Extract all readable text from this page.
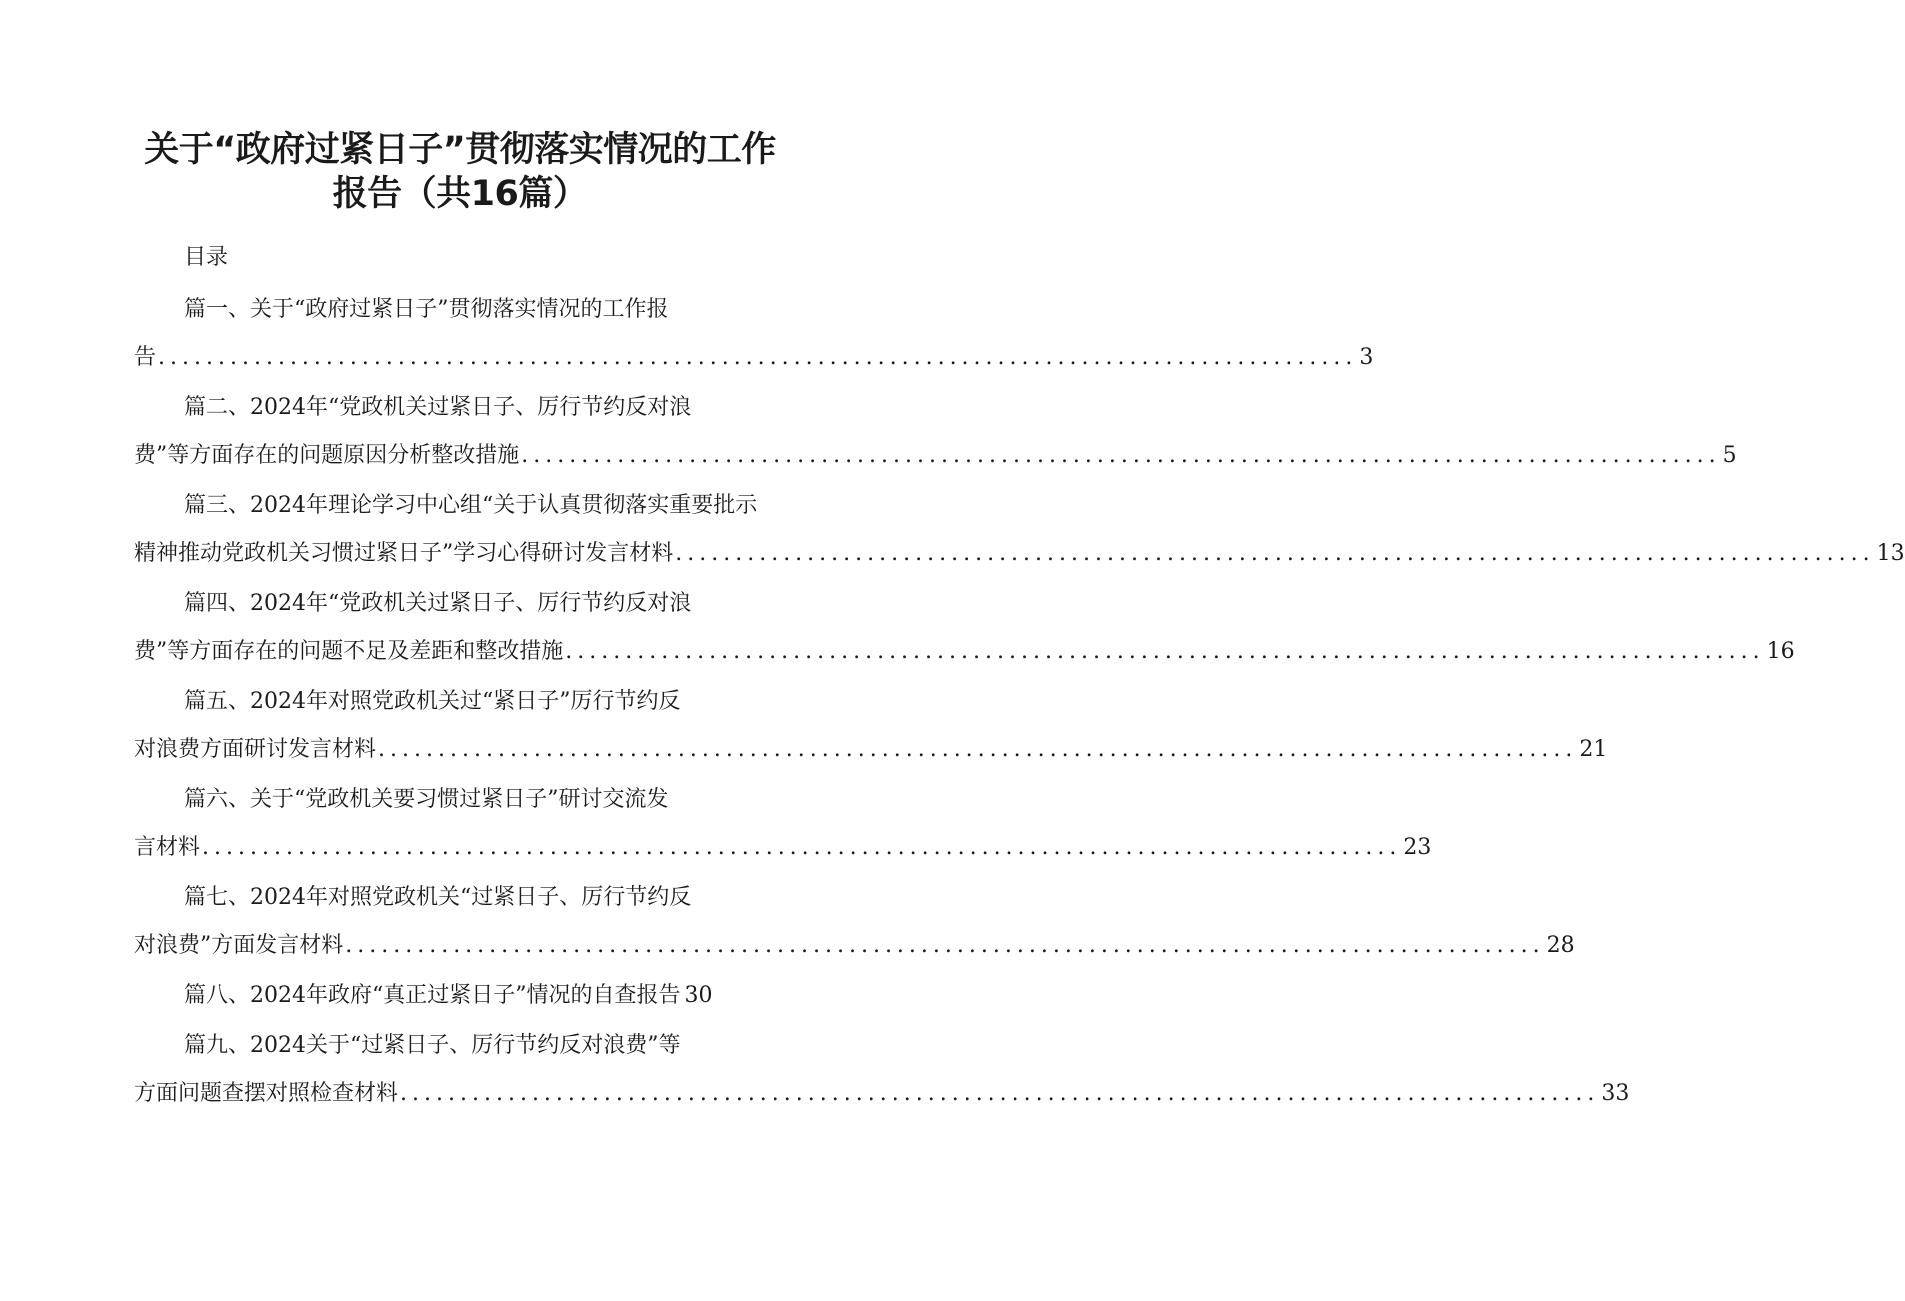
关于“政府过紧日子”贯彻落实情况的工作
报告（共16篇）
目录
篇一、关于“政府过紧日子”贯彻落实情况的工作报
告 .................................................................................................... 3
篇二、2024年“党政机关过紧日子、厉行节约反对浪
费”等方面存在的问题原因分析整改措施 .................................................................................................... 5
篇三、2024年理论学习中心组“关于认真贯彻落实重要批示
精神推动党政机关习惯过紧日子”学习心得研讨发言材料 .................................................................................................... 13
篇四、2024年“党政机关过紧日子、厉行节约反对浪
费”等方面存在的问题不足及差距和整改措施 .................................................................................................... 16
篇五、2024年对照党政机关过“紧日子”厉行节约反
对浪费方面研讨发言材料 .................................................................................................... 21
篇六、关于“党政机关要习惯过紧日子”研讨交流发
言材料 .................................................................................................... 23
篇七、2024年对照党政机关“过紧日子、厉行节约反
对浪费”方面发言材料 .................................................................................................... 28
篇八、2024年政府“真正过紧日子”情况的自查报告 30
篇九、2024关于“过紧日子、厉行节约反对浪费”等
方面问题查摆对照检查材料 .................................................................................................... 33
